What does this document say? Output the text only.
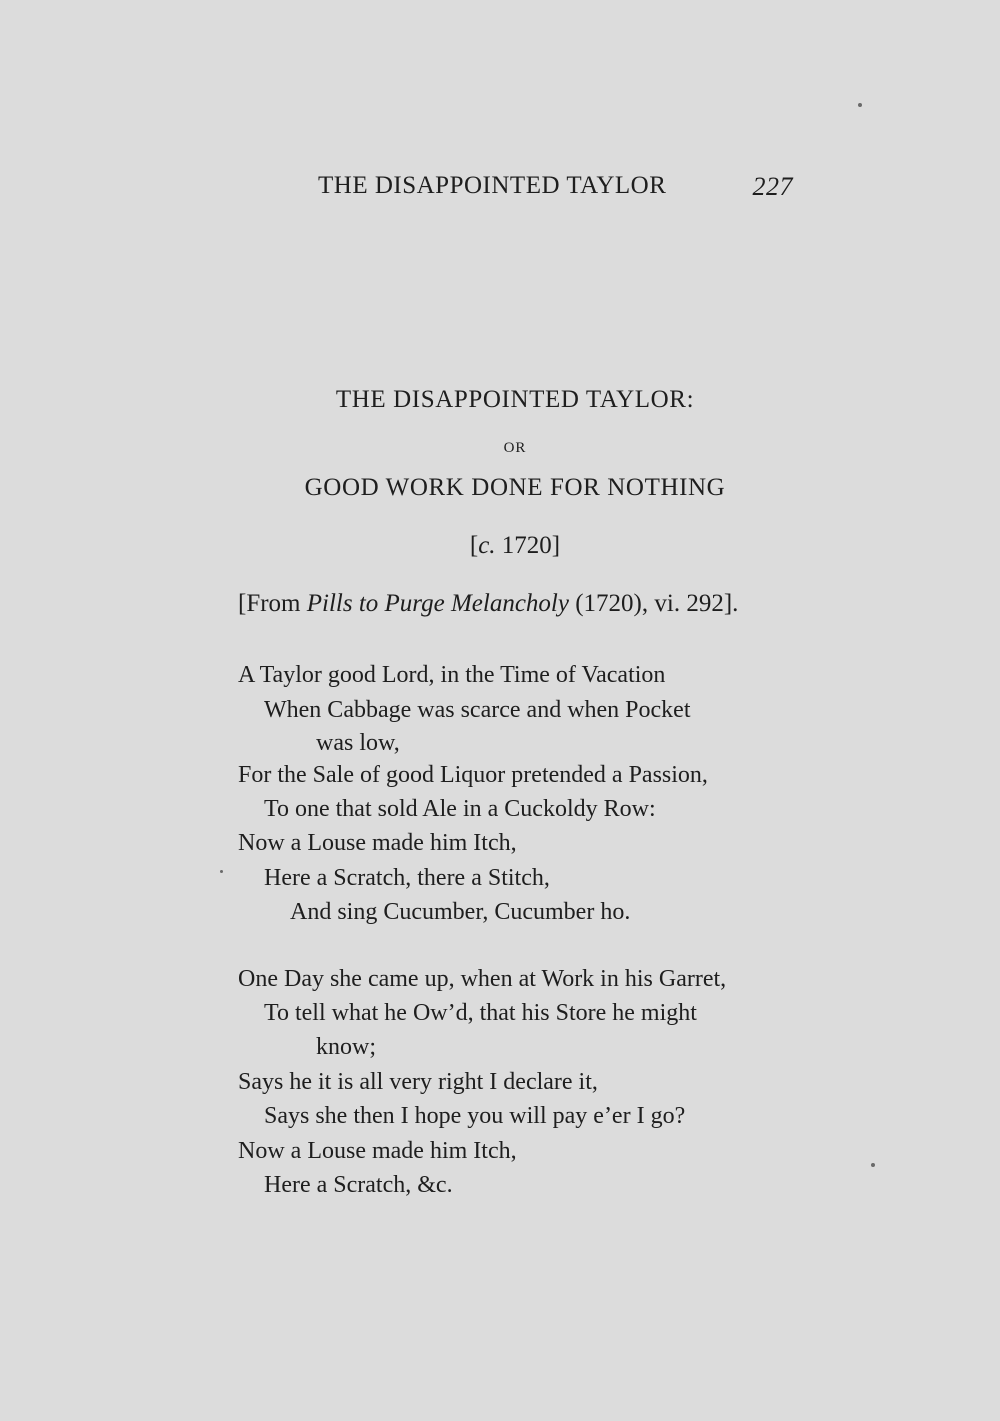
THE DISAPPOINTED TAYLOR	227
THE DISAPPOINTED TAYLOR:
OR
GOOD WORK DONE FOR NOTHING
[c. 1720]
[From Pills to Purge Melancholy (1720), vi. 292].
A Taylor good Lord, in the Time of Vacation
When Cabbage was scarce and when Pocket
was low,
For the Sale of good Liquor pretended a Passion,
To one that sold Ale in a Cuckoldy Row:
Now a Louse made him Itch,
Here a Scratch, there a Stitch,
And sing Cucumber, Cucumber ho.
One Day she came up, when at Work in his Garret,
To tell what he Ow’d, that his Store he might
know;
Says he it is all very right I declare it,
Says she then I hope you will pay e’er I go?
Now a Louse made him Itch,
Here a Scratch, &c.
